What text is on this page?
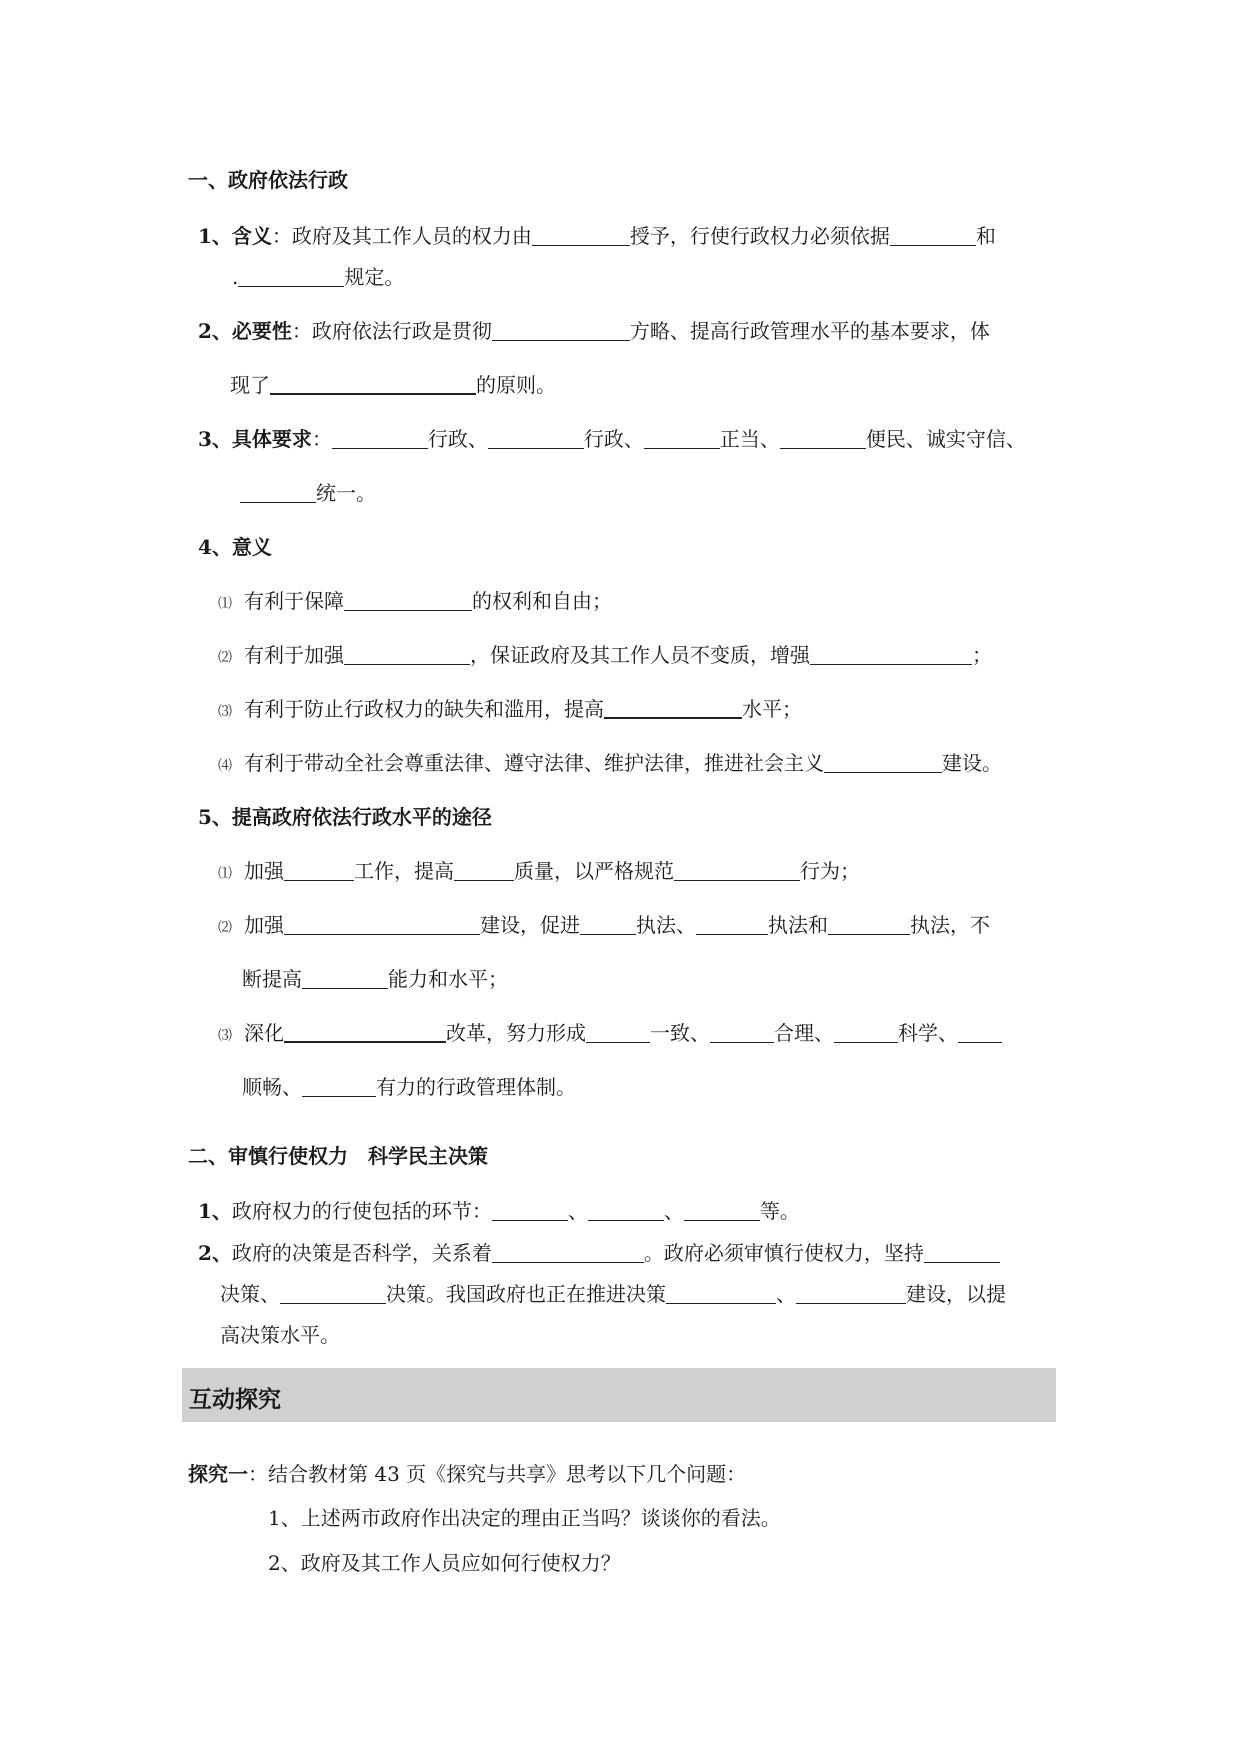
一、政府依法行政
1、含义：政府及其工作人员的权力由	授予，行使行政权力必须依据	和
.	规定。
2、必要性：政府依法行政是贯彻	方略、提高行政管理水平的基本要求，体
现了	的原则。
3、具体要求：	行政、	行政、	正当、	便民、诚实守信、
统一。
4、意义
⑴ 有利于保障	的权利和自由；
⑵ 有利于加强	，保证政府及其工作人员不变质，增强	；
⑶ 有利于防止行政权力的缺失和滥用，提高	水平；
⑷ 有利于带动全社会尊重法律、遵守法律、维护法律，推进社会主义	建设。
5、提高政府依法行政水平的途径
⑴ 加强	工作，提高	质量，以严格规范	行为；
⑵ 加强	建设，促进	执法、	执法和	执法，不
断提高	能力和水平；
⑶ 深化	改革，努力形成	一致、	合理、	科学、
顺畅、	有力的行政管理体制。
二、审慎行使权力　科学民主决策
1、政府权力的行使包括的环节：	、	、	等。
2、政府的决策是否科学，关系着	。政府必须审慎行使权力，坚持
决策、	决策。我国政府也正在推进决策	、	建设，以提
高决策水平。
互动探究
探究一：结合教材第 43 页《探究与共享》思考以下几个问题：
1、上述两市政府作出决定的理由正当吗？谈谈你的看法。
2、政府及其工作人员应如何行使权力？
